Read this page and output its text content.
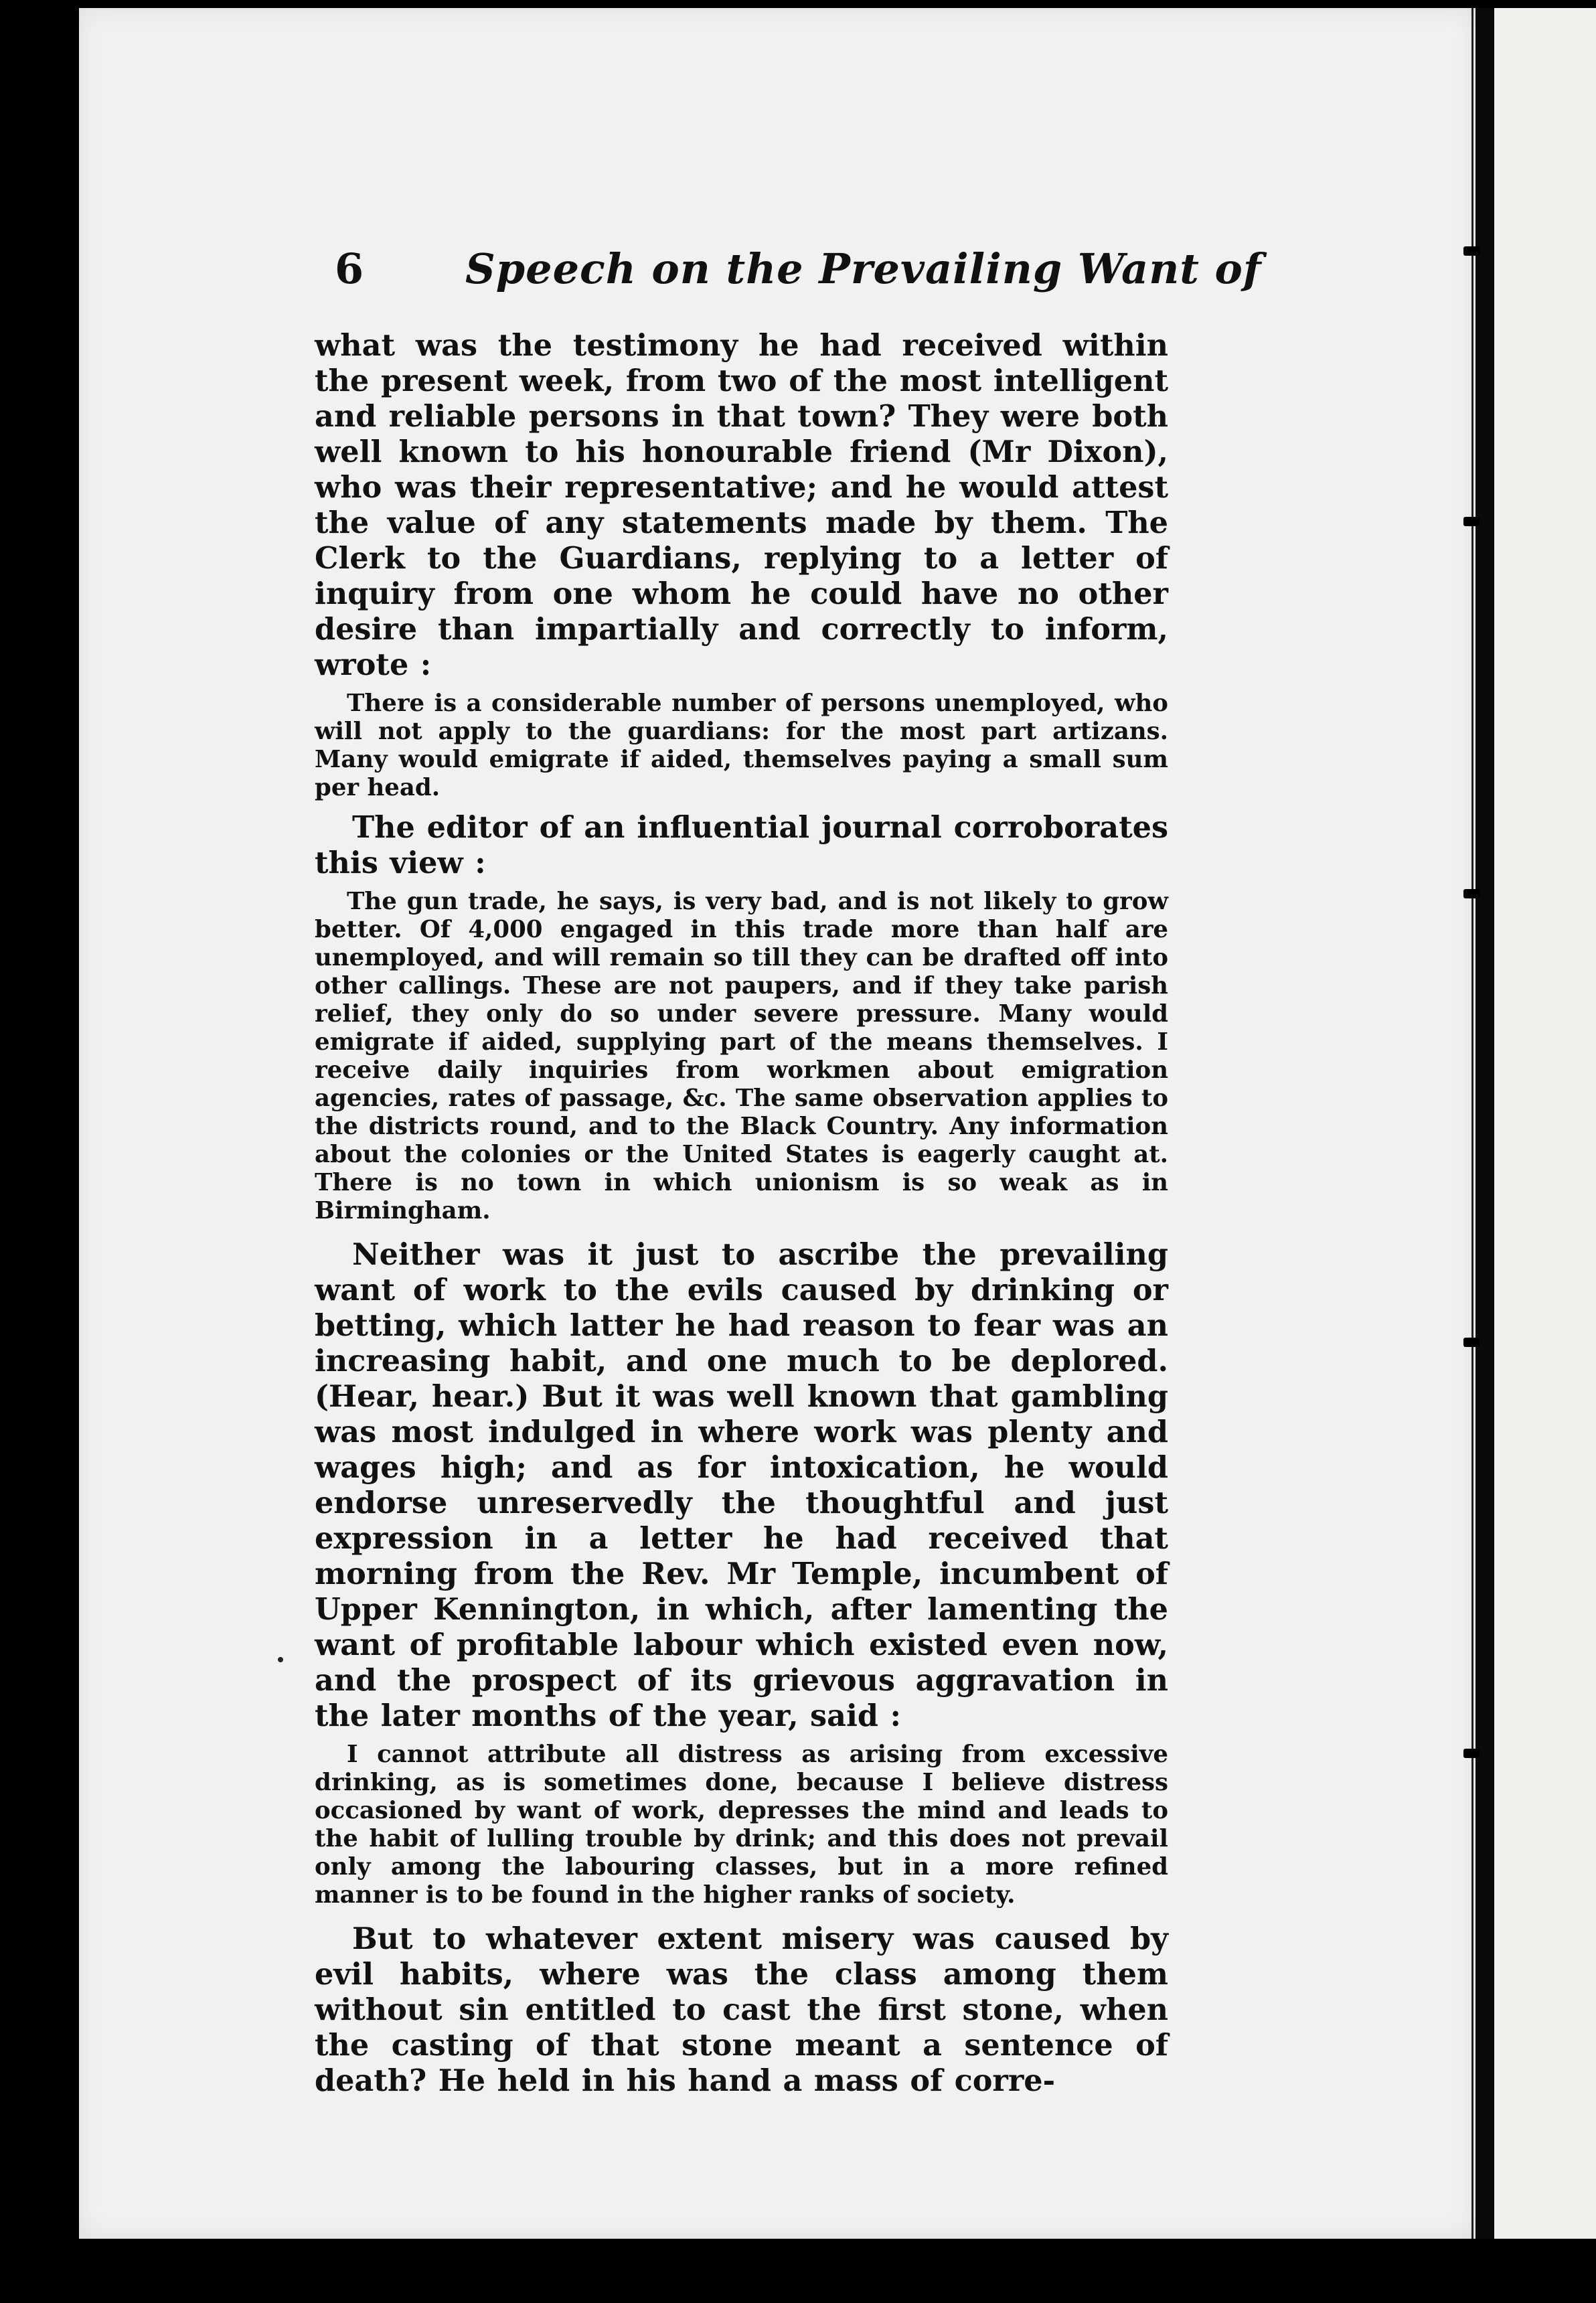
6 Speech on the Prevailing Want of

what was the testimony he had received within the present week, from two of the most intelligent and reliable persons in that town? They were both well known to his honourable friend (Mr Dixon), who was their representative; and he would attest the value of any statements made by them. The Clerk to the Guardians, replying to a letter of inquiry from one whom he could have no other desire than impartially and correctly to inform, wrote :

There is a considerable number of persons unemployed, who will not apply to the guardians: for the most part artizans. Many would emigrate if aided, themselves paying a small sum per head.

The editor of an influential journal corroborates this view :

The gun trade, he says, is very bad, and is not likely to grow better. Of 4,000 engaged in this trade more than half are unemployed, and will remain so till they can be drafted off into other callings. These are not paupers, and if they take parish relief, they only do so under severe pressure. Many would emigrate if aided, supplying part of the means themselves. I receive daily inquiries from workmen about emigration agencies, rates of passage, &c. The same observation applies to the districts round, and to the Black Country. Any information about the colonies or the United States is eagerly caught at. There is no town in which unionism is so weak as in Birmingham.

Neither was it just to ascribe the prevailing want of work to the evils caused by drinking or betting, which latter he had reason to fear was an increasing habit, and one much to be deplored. (Hear, hear.) But it was well known that gambling was most indulged in where work was plenty and wages high; and as for intoxication, he would endorse unreservedly the thoughtful and just expression in a letter he had received that morning from the Rev. Mr Temple, incumbent of Upper Kennington, in which, after lamenting the want of profitable labour which existed even now, and the prospect of its grievous aggravation in the later months of the year, said :

I cannot attribute all distress as arising from excessive drinking, as is sometimes done, because I believe distress occasioned by want of work, depresses the mind and leads to the habit of lulling trouble by drink; and this does not prevail only among the labouring classes, but in a more refined manner is to be found in the higher ranks of society.

But to whatever extent misery was caused by evil habits, where was the class among them without sin entitled to cast the first stone, when the casting of that stone meant a sentence of death? He held in his hand a mass of corre-
